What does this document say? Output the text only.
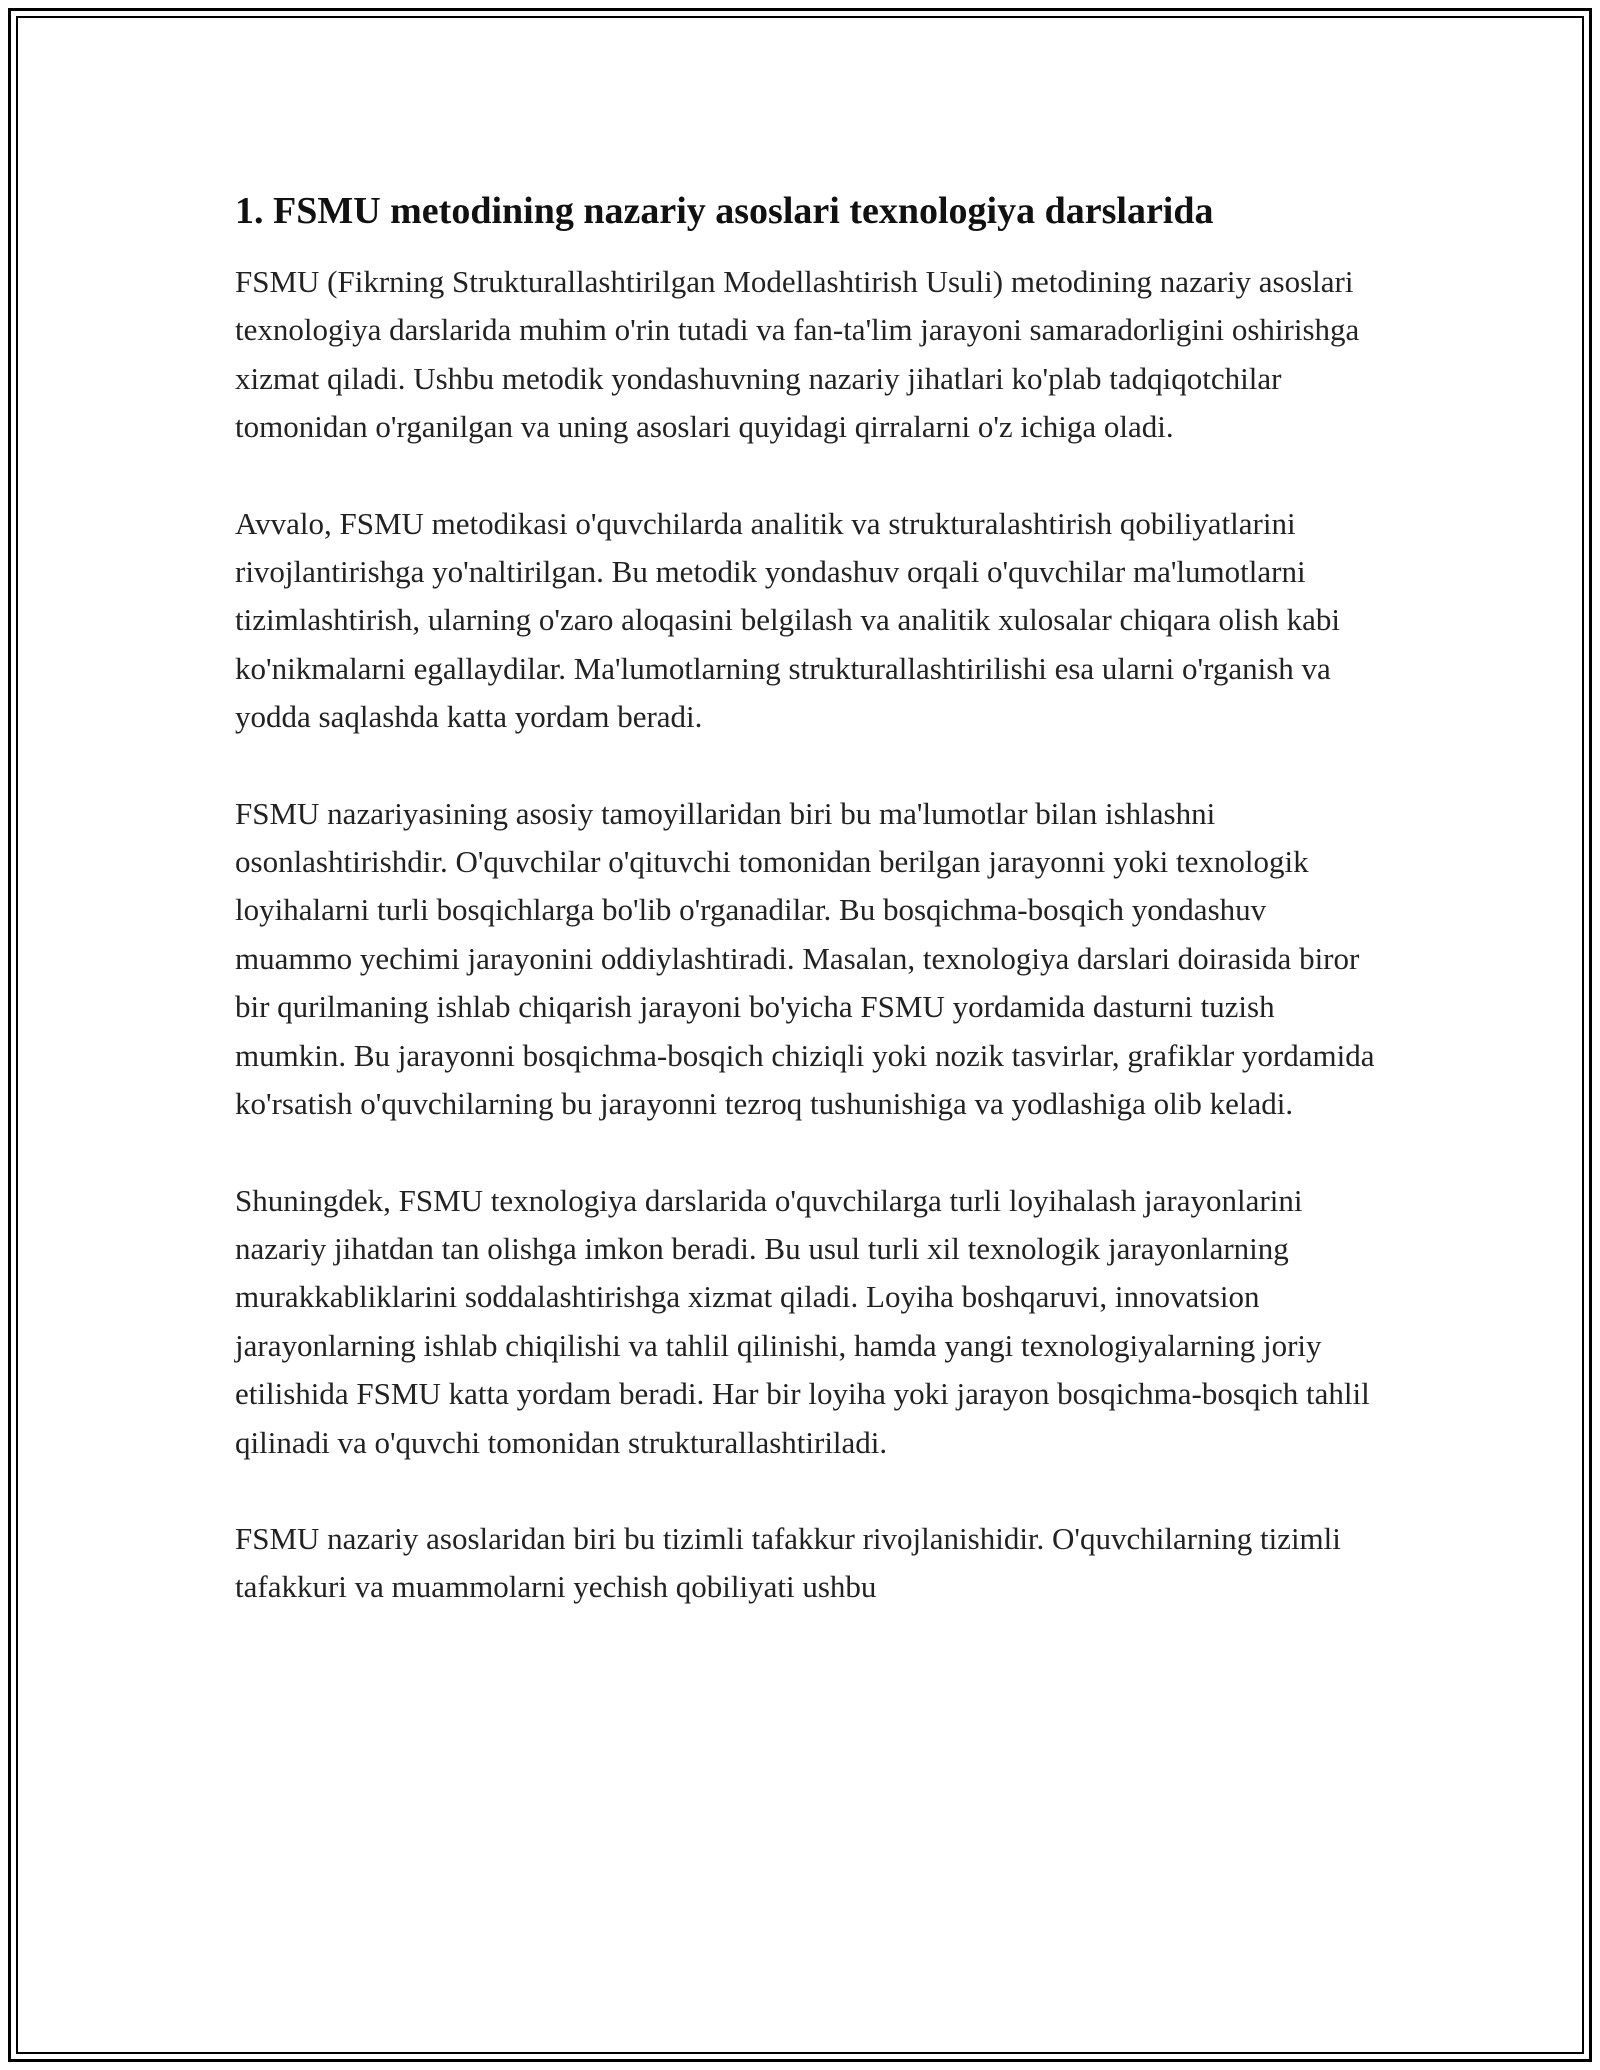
1. FSMU metodining nazariy asoslari texnologiya darslarida

FSMU (Fikrning Strukturallashtirilgan Modellashtirish Usuli) metodining nazariy asoslari texnologiya darslarida muhim o'rin tutadi va fan-ta'lim jarayoni samaradorligini oshirishga xizmat qiladi. Ushbu metodik yondashuvning nazariy jihatlari ko'plab tadqiqotchilar tomonidan o'rganilgan va uning asoslari quyidagi qirralarni o'z ichiga oladi.

Avvalo, FSMU metodikasi o'quvchilarda analitik va strukturalashtirish qobiliyatlarini rivojlantirishga yo'naltirilgan. Bu metodik yondashuv orqali o'quvchilar ma'lumotlarni tizimlashtirish, ularning o'zaro aloqasini belgilash va analitik xulosalar chiqara olish kabi ko'nikmalarni egallaydilar. Ma'lumotlarning strukturallashtirilishi esa ularni o'rganish va yodda saqlashda katta yordam beradi.

FSMU nazariyasining asosiy tamoyillaridan biri bu ma'lumotlar bilan ishlashni osonlashtirishdir. O'quvchilar o'qituvchi tomonidan berilgan jarayonni yoki texnologik loyihalarni turli bosqichlarga bo'lib o'rganadilar. Bu bosqichma-bosqich yondashuv muammo yechimi jarayonini oddiylashtiradi. Masalan, texnologiya darslari doirasida biror bir qurilmaning ishlab chiqarish jarayoni bo'yicha FSMU yordamida dasturni tuzish mumkin. Bu jarayonni bosqichma-bosqich chiziqli yoki nozik tasvirlar, grafiklar yordamida ko'rsatish o'quvchilarning bu jarayonni tezroq tushunishiga va yodlashiga olib keladi.

Shuningdek, FSMU texnologiya darslarida o'quvchilarga turli loyihalash jarayonlarini nazariy jihatdan tan olishga imkon beradi. Bu usul turli xil texnologik jarayonlarning murakkabliklarini soddalashtirishga xizmat qiladi. Loyiha boshqaruvi, innovatsion jarayonlarning ishlab chiqilishi va tahlil qilinishi, hamda yangi texnologiyalarning joriy etilishida FSMU katta yordam beradi. Har bir loyiha yoki jarayon bosqichma-bosqich tahlil qilinadi va o'quvchi tomonidan strukturallashtiriladi.

FSMU nazariy asoslaridan biri bu tizimli tafakkur rivojlanishidir. O'quvchilarning tizimli tafakkuri va muammolarni yechish qobiliyati ushbu
